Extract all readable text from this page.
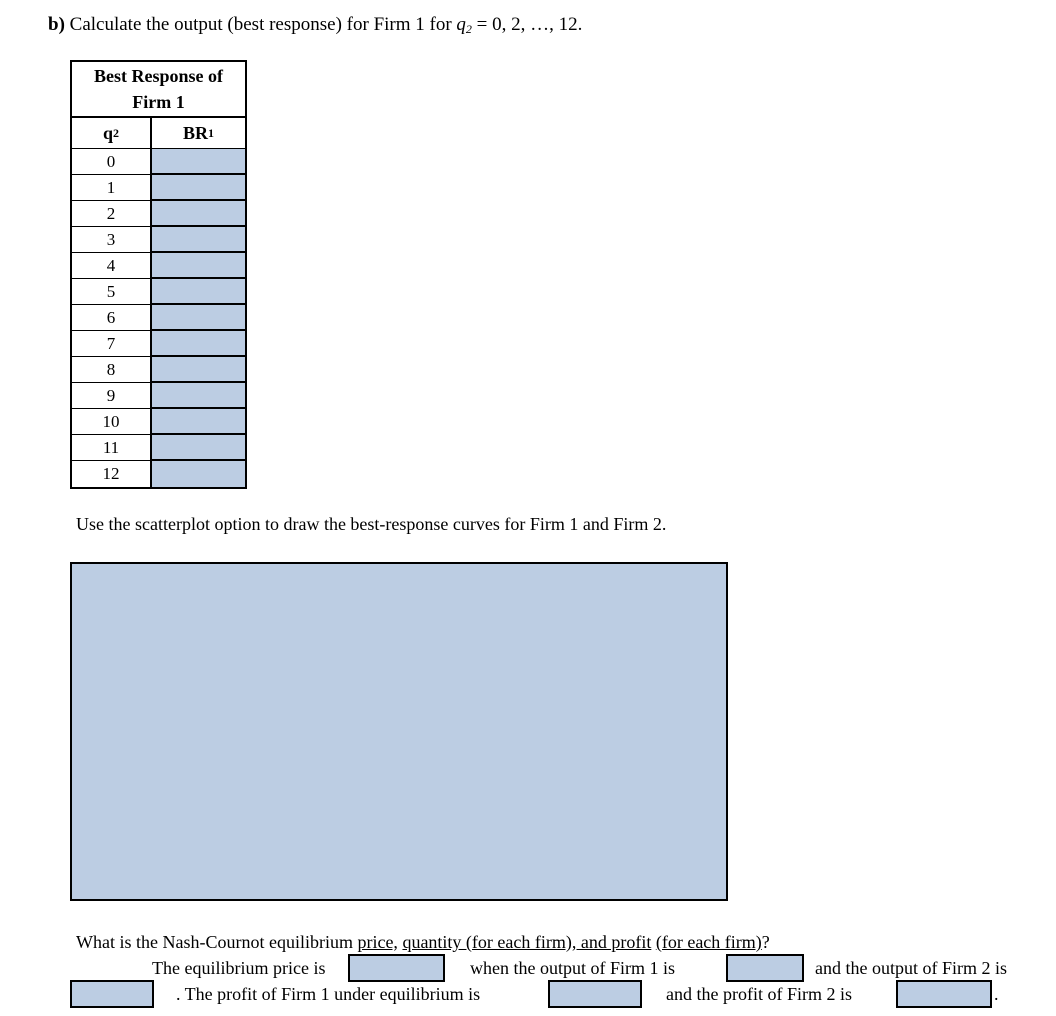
b) Calculate the output (best response) for Firm 1 for $q_2 = 0$, 2, …, 12.
Best Response of
Firm 1
q 2	BR 1
0
1
2
3
4
5
6
7
8
9
10
11
12
Use the scatterplot option to draw the best-response curves for Firm 1 and Firm 2.
What is the Nash-Cournot equilibrium price, quantity (for each firm), and profit (for each firm)?
The equilibrium price is	when the output of Firm 1 is	and the output of Firm 2 is
. The profit of Firm 1 under equilibrium is	and the profit of Firm 2 is	.
